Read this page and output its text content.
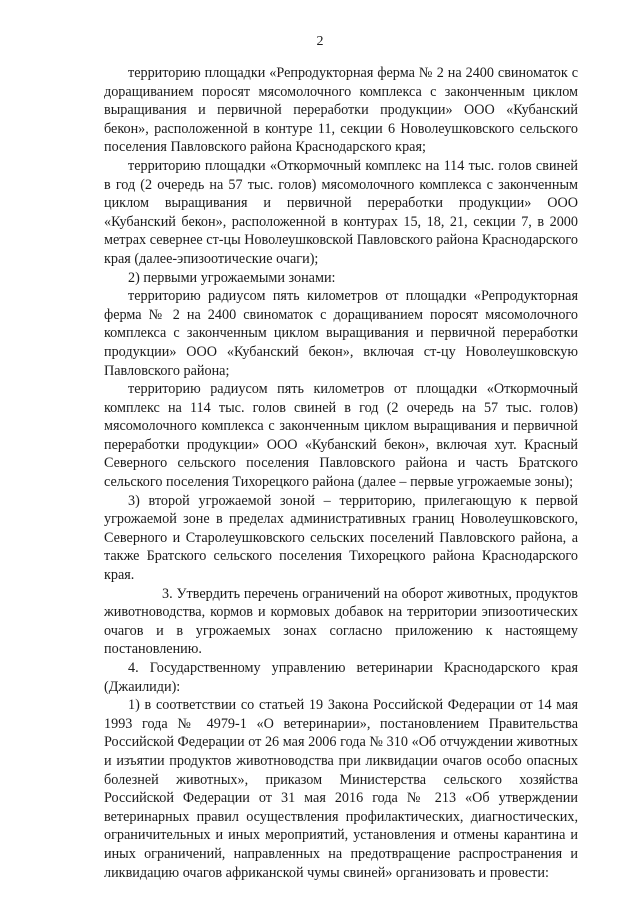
2

территорию площадки «Репродукторная ферма № 2 на 2400 свиноматок с доращиванием поросят мясомолочного комплекса с законченным циклом выращивания и первичной переработки продукции» ООО «Кубанский бекон», расположенной в контуре 11, секции 6 Новолеушковского сельского поселения Павловского района Краснодарского края;

территорию площадки «Откормочный комплекс на 114 тыс. голов свиней в год (2 очередь на 57 тыс. голов) мясомолочного комплекса с законченным циклом выращивания и первичной переработки продукции» ООО «Кубанский бекон», расположенной в контурах 15, 18, 21, секции 7, в 2000 метрах севернее ст-цы Новолеушковской Павловского района Краснодарского края (далее-эпизоотические очаги);

2) первыми угрожаемыми зонами:

территорию радиусом пять километров от площадки «Репродукторная ферма № 2 на 2400 свиноматок с доращиванием поросят мясомолочного комплекса с законченным циклом выращивания и первичной переработки продукции» ООО «Кубанский бекон», включая ст-цу Новолеушковскую Павловского района;

территорию радиусом пять километров от площадки «Откормочный комплекс на 114 тыс. голов свиней в год (2 очередь на 57 тыс. голов) мясомолочного комплекса с законченным циклом выращивания и первичной переработки продукции» ООО «Кубанский бекон», включая хут. Красный Северного сельского поселения Павловского района и часть Братского сельского поселения Тихорецкого района (далее – первые угрожаемые зоны);

3) второй угрожаемой зоной – территорию, прилегающую к первой угрожаемой зоне в пределах административных границ Новолеушковского, Северного и Старолеушковского сельских поселений Павловского района, а также Братского сельского поселения Тихорецкого района Краснодарского края.

3. Утвердить перечень ограничений на оборот животных, продуктов животноводства, кормов и кормовых добавок на территории эпизоотических очагов и в угрожаемых зонах согласно приложению к настоящему постановлению.

4. Государственному управлению ветеринарии Краснодарского края (Джаилиди):

1) в соответствии со статьей 19 Закона Российской Федерации от 14 мая 1993 года № 4979-1 «О ветеринарии», постановлением Правительства Российской Федерации от 26 мая 2006 года № 310 «Об отчуждении животных и изъятии продуктов животноводства при ликвидации очагов особо опасных болезней животных», приказом Министерства сельского хозяйства Российской Федерации от 31 мая 2016 года № 213 «Об утверждении ветеринарных правил осуществления профилактических, диагностических, ограничительных и иных мероприятий, установления и отмены карантина и иных ограничений, направленных на предотвращение распространения и ликвидацию очагов африканской чумы свиней» организовать и провести:
